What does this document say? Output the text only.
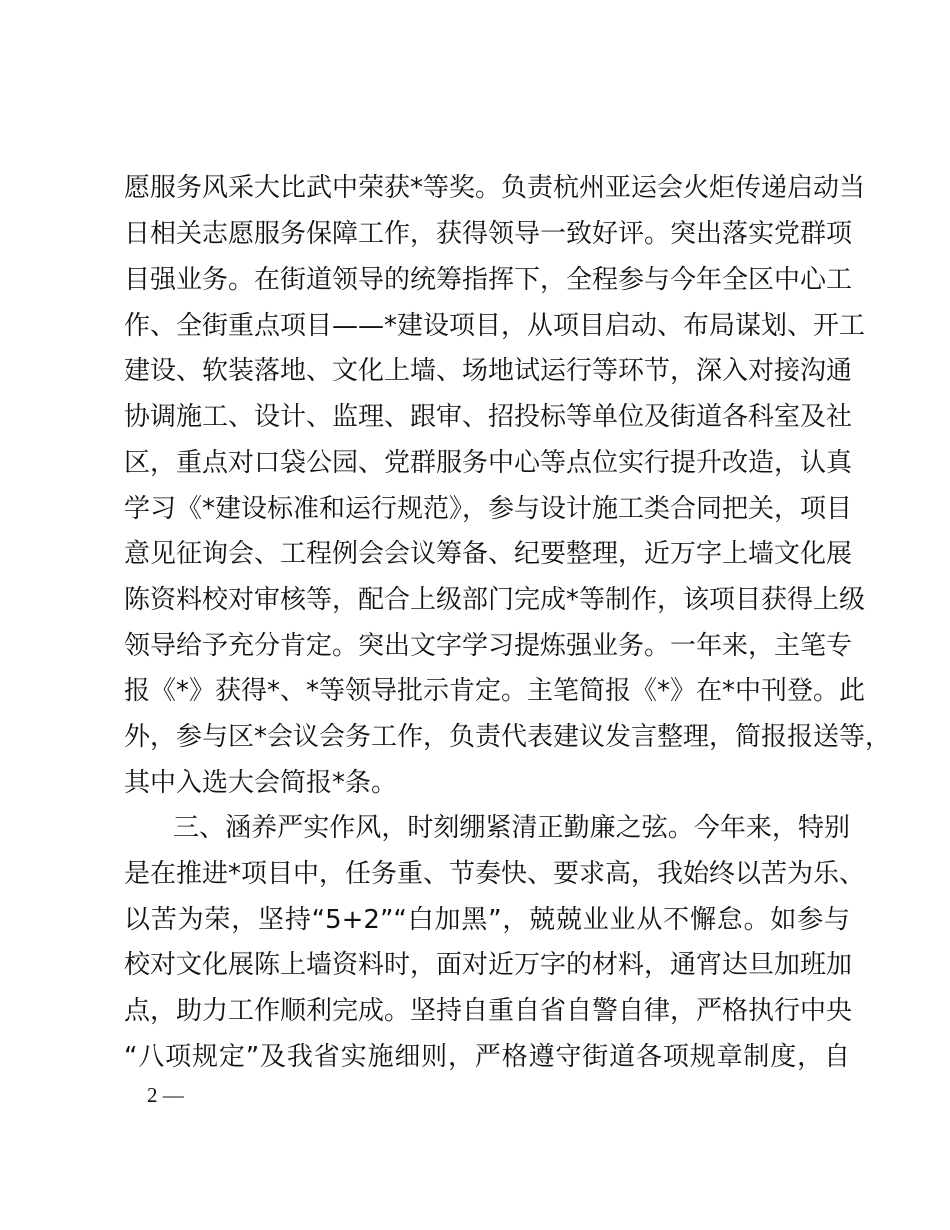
愿服务风采大比武中荣获*等奖。负责杭州亚运会火炬传递启动当
日相关志愿服务保障工作，获得领导一致好评。突出落实党群项
目强业务。在街道领导的统筹指挥下，全程参与今年全区中心工
作、全街重点项目——*建设项目，从项目启动、布局谋划、开工
建设、软装落地、文化上墙、场地试运行等环节，深入对接沟通
协调施工、设计、监理、跟审、招投标等单位及街道各科室及社
区，重点对口袋公园、党群服务中心等点位实行提升改造，认真
学习《*建设标准和运行规范》，参与设计施工类合同把关，项目
意见征询会、工程例会会议筹备、纪要整理，近万字上墙文化展
陈资料校对审核等，配合上级部门完成*等制作，该项目获得上级
领导给予充分肯定。突出文字学习提炼强业务。一年来，主笔专
报《*》获得*、*等领导批示肯定。主笔简报《*》在*中刊登。此
外，参与区*会议会务工作，负责代表建议发言整理，简报报送等，
其中入选大会简报*条。
三、涵养严实作风，时刻绷紧清正勤廉之弦。今年来，特别
是在推进*项目中，任务重、节奏快、要求高，我始终以苦为乐、
以苦为荣，坚持“5+2”“白加黑”，兢兢业业从不懈怠。如参与
校对文化展陈上墙资料时，面对近万字的材料，通宵达旦加班加
点，助力工作顺利完成。坚持自重自省自警自律，严格执行中央
“八项规定”及我省实施细则，严格遵守街道各项规章制度，自
2 —
